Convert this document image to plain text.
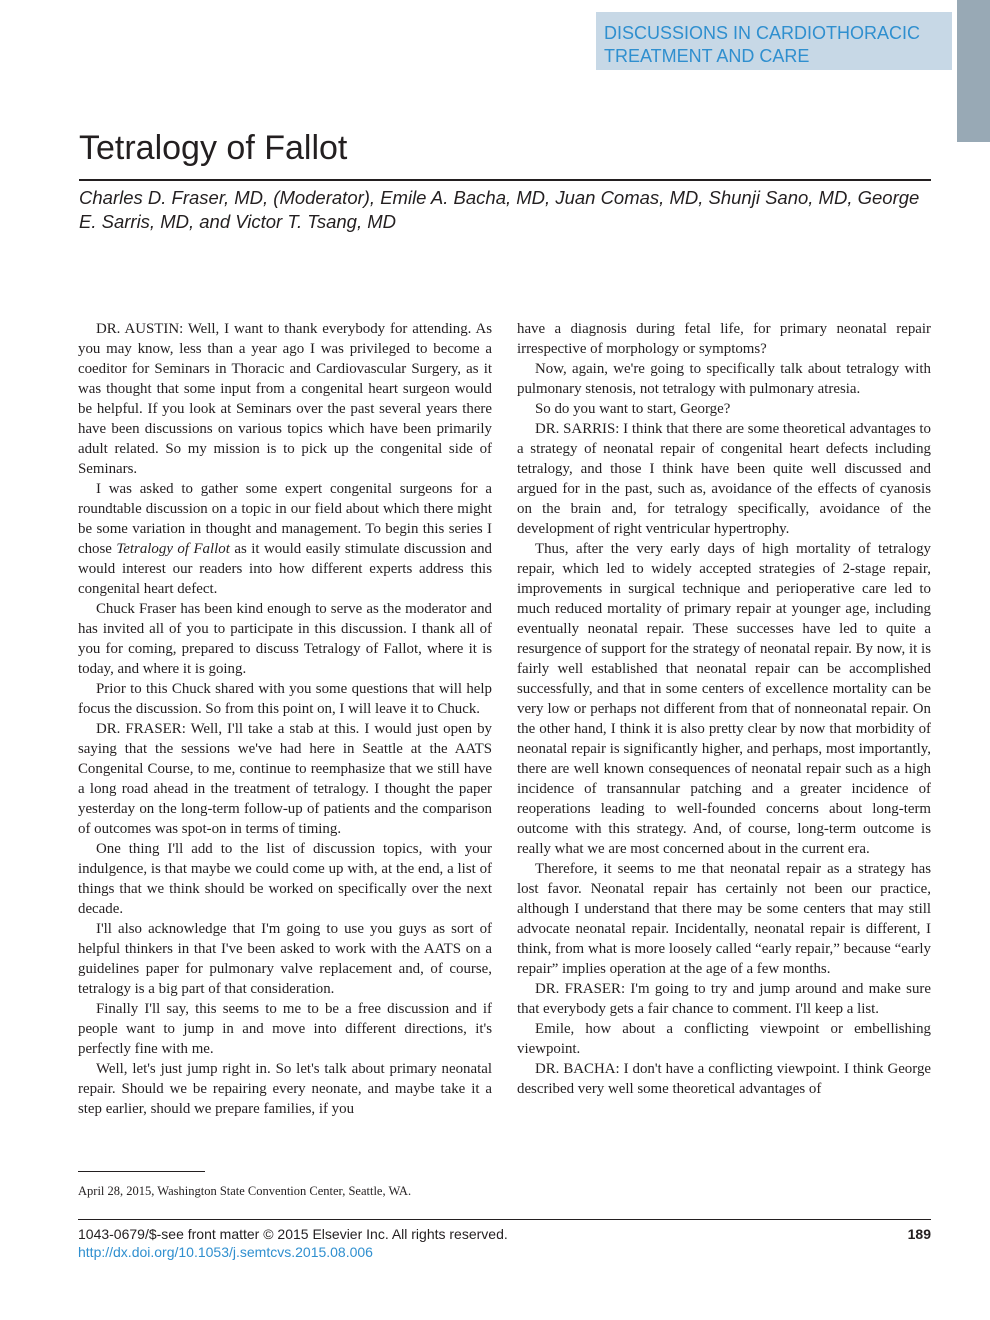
DISCUSSIONS IN CARDIOTHORACIC TREATMENT AND CARE
Tetralogy of Fallot
Charles D. Fraser, MD, (Moderator), Emile A. Bacha, MD, Juan Comas, MD, Shunji Sano, MD, George E. Sarris, MD, and Victor T. Tsang, MD

DR. AUSTIN: Well, I want to thank everybody for attending. As you may know, less than a year ago I was privileged to become a coeditor for Seminars in Thoracic and Cardiovascular Surgery, as it was thought that some input from a congenital heart surgeon would be helpful. If you look at Seminars over the past several years there have been discussions on various topics which have been primarily adult related. So my mission is to pick up the congenital side of Seminars.

I was asked to gather some expert congenital surgeons for a roundtable discussion on a topic in our field about which there might be some variation in thought and management. To begin this series I chose Tetralogy of Fallot as it would easily stimulate discussion and would interest our readers into how different experts address this congenital heart defect.

Chuck Fraser has been kind enough to serve as the moderator and has invited all of you to participate in this discussion. I thank all of you for coming, prepared to discuss Tetralogy of Fallot, where it is today, and where it is going.

Prior to this Chuck shared with you some questions that will help focus the discussion. So from this point on, I will leave it to Chuck.

DR. FRASER: Well, I'll take a stab at this. I would just open by saying that the sessions we've had here in Seattle at the AATS Congenital Course, to me, continue to reemphasize that we still have a long road ahead in the treatment of tetralogy. I thought the paper yesterday on the long-term follow-up of patients and the comparison of outcomes was spot-on in terms of timing.

One thing I'll add to the list of discussion topics, with your indulgence, is that maybe we could come up with, at the end, a list of things that we think should be worked on specifically over the next decade.

I'll also acknowledge that I'm going to use you guys as sort of helpful thinkers in that I've been asked to work with the AATS on a guidelines paper for pulmonary valve replacement and, of course, tetralogy is a big part of that consideration.

Finally I'll say, this seems to me to be a free discussion and if people want to jump in and move into different directions, it's perfectly fine with me.

Well, let's just jump right in. So let's talk about primary neonatal repair. Should we be repairing every neonate, and maybe take it a step earlier, should we prepare families, if you

have a diagnosis during fetal life, for primary neonatal repair irrespective of morphology or symptoms?

Now, again, we're going to specifically talk about tetralogy with pulmonary stenosis, not tetralogy with pulmonary atresia.

So do you want to start, George?

DR. SARRIS: I think that there are some theoretical advantages to a strategy of neonatal repair of congenital heart defects including tetralogy, and those I think have been quite well discussed and argued for in the past, such as, avoidance of the effects of cyanosis on the brain and, for tetralogy specifically, avoidance of the development of right ventricular hypertrophy.

Thus, after the very early days of high mortality of tetralogy repair, which led to widely accepted strategies of 2-stage repair, improvements in surgical technique and perioperative care led to much reduced mortality of primary repair at younger age, including eventually neonatal repair. These successes have led to quite a resurgence of support for the strategy of neonatal repair. By now, it is fairly well established that neonatal repair can be accomplished successfully, and that in some centers of excellence mortality can be very low or perhaps not different from that of nonneonatal repair. On the other hand, I think it is also pretty clear by now that morbidity of neonatal repair is significantly higher, and perhaps, most importantly, there are well known consequences of neonatal repair such as a high incidence of transannular patching and a greater incidence of reoperations leading to well-founded concerns about long-term outcome with this strategy. And, of course, long-term outcome is really what we are most concerned about in the current era.

Therefore, it seems to me that neonatal repair as a strategy has lost favor. Neonatal repair has certainly not been our practice, although I understand that there may be some centers that may still advocate neonatal repair. Incidentally, neonatal repair is different, I think, from what is more loosely called “early repair,” because “early repair” implies operation at the age of a few months.

DR. FRASER: I'm going to try and jump around and make sure that everybody gets a fair chance to comment. I'll keep a list.

Emile, how about a conflicting viewpoint or embellishing viewpoint.

DR. BACHA: I don't have a conflicting viewpoint. I think George described very well some theoretical advantages of

April 28, 2015, Washington State Convention Center, Seattle, WA.
1043-0679/$-see front matter © 2015 Elsevier Inc. All rights reserved.
http://dx.doi.org/10.1053/j.semtcvs.2015.08.006
189
